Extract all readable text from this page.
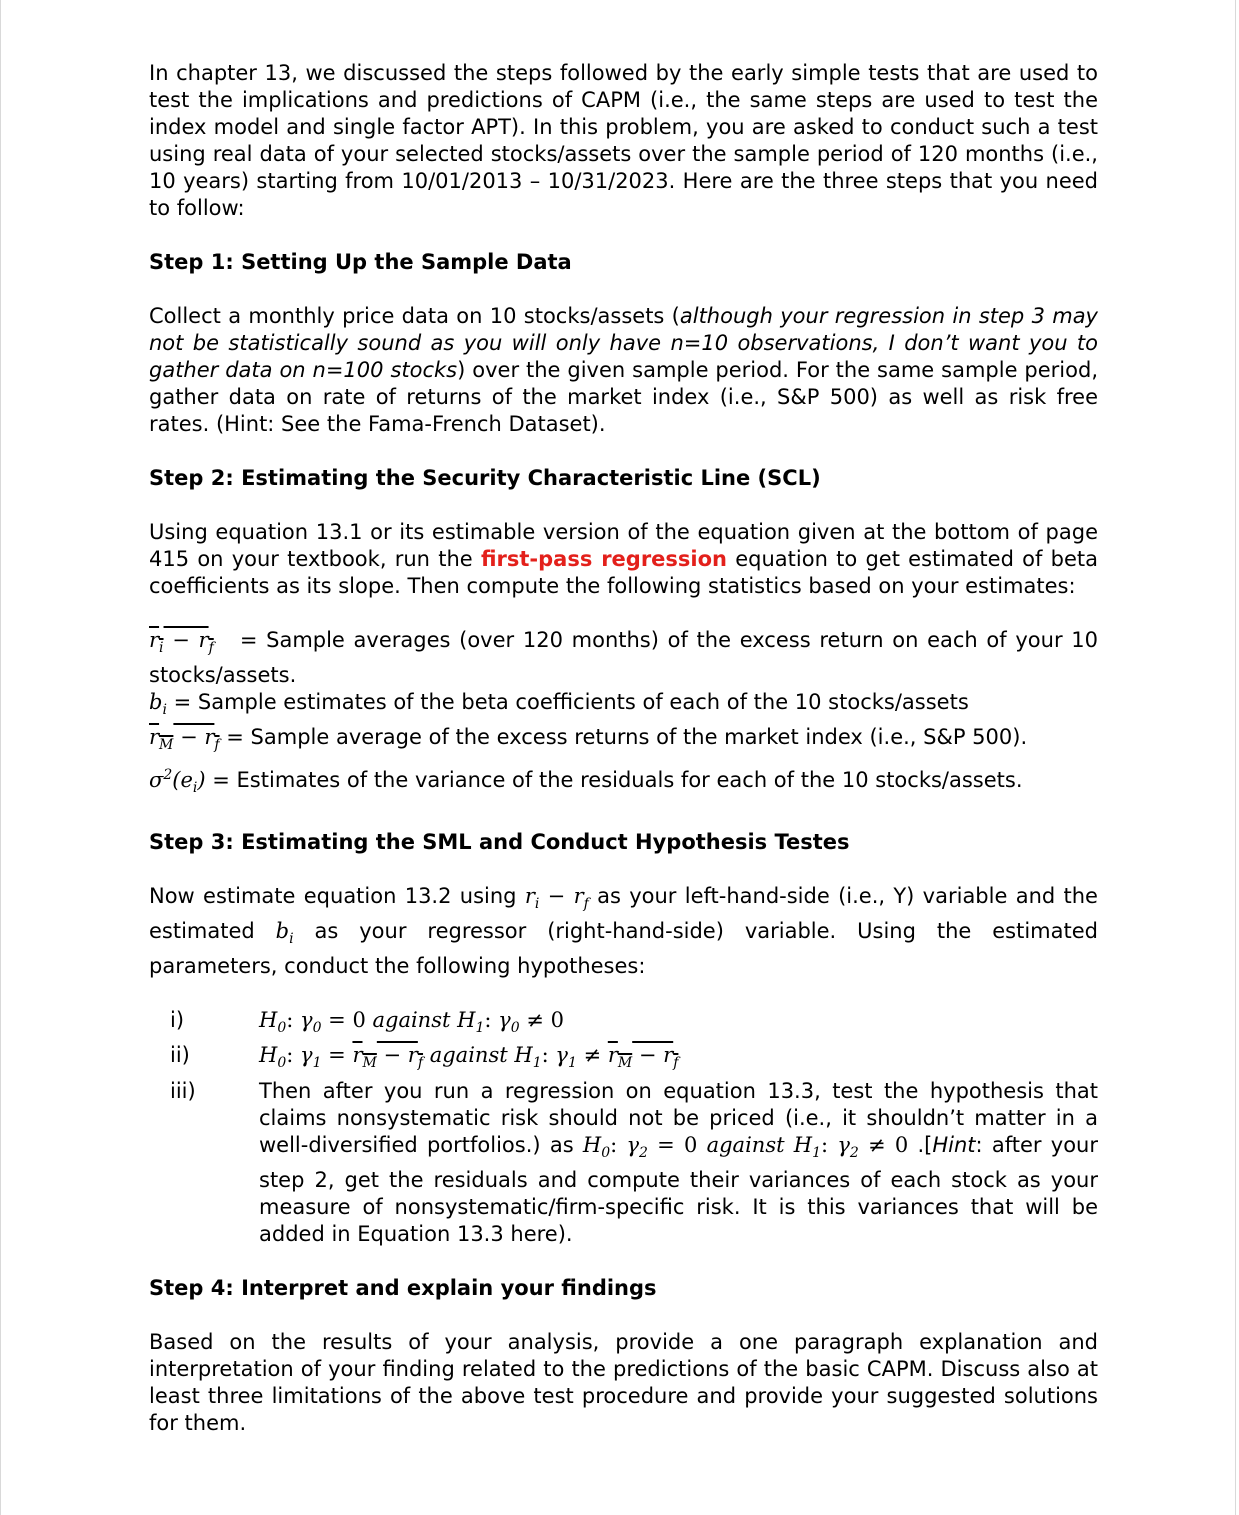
In chapter 13, we discussed the steps followed by the early simple tests that are used to test the implications and predictions of CAPM (i.e., the same steps are used to test the index model and single factor APT). In this problem, you are asked to conduct such a test using real data of your selected stocks/assets over the sample period of 120 months (i.e., 10 years) starting from 10/01/2013 – 10/31/2023. Here are the three steps that you need to follow:

Step 1: Setting Up the Sample Data

Collect a monthly price data on 10 stocks/assets (although your regression in step 3 may not be statistically sound as you will only have n=10 observations, I don’t want you to gather data on n=100 stocks) over the given sample period. For the same sample period, gather data on rate of returns of the market index (i.e., S&P 500) as well as risk free rates. (Hint: See the Fama-French Dataset).

Step 2: Estimating the Security Characteristic Line (SCL)

Using equation 13.1 or its estimable version of the equation given at the bottom of page 415 on your textbook, run the first-pass regression equation to get estimated of beta coefficients as its slope. Then compute the following statistics based on your estimates:

$r_i - r_f$ = Sample averages (over 120 months) of the excess return on each of your 10 stocks/assets.

$b_i$ = Sample estimates of the beta coefficients of each of the 10 stocks/assets

$r_M - r_f$ = Sample average of the excess returns of the market index (i.e., S&P 500).

$\sigma^2(e_i)$ = Estimates of the variance of the residuals for each of the 10 stocks/assets.

Step 3: Estimating the SML and Conduct Hypothesis Testes

Now estimate equation 13.2 using $r_i - r_f$ as your left-hand-side (i.e., Y) variable and the estimated $b_i$ as your regressor (right-hand-side) variable. Using the estimated parameters, conduct the following hypotheses:

i)	$H_0$: $\gamma_0 = 0$ against $H_1$: $\gamma_0 \ne 0$
ii)	$H_0$: $\gamma_1 = r_M - r_f$ against $H_1$: $\gamma_1 \ne r_M - r_f$
iii)	Then after you run a regression on equation 13.3, test the hypothesis that claims nonsystematic risk should not be priced (i.e., it shouldn’t matter in a well-diversified portfolios.) as $H_0$: $\gamma_2 = 0$ against $H_1$: $\gamma_2 \ne 0$ .[Hint: after your step 2, get the residuals and compute their variances of each stock as your measure of nonsystematic/firm-specific risk. It is this variances that will be added in Equation 13.3 here).

Step 4: Interpret and explain your findings

Based on the results of your analysis, provide a one paragraph explanation and interpretation of your finding related to the predictions of the basic CAPM. Discuss also at least three limitations of the above test procedure and provide your suggested solutions for them.
